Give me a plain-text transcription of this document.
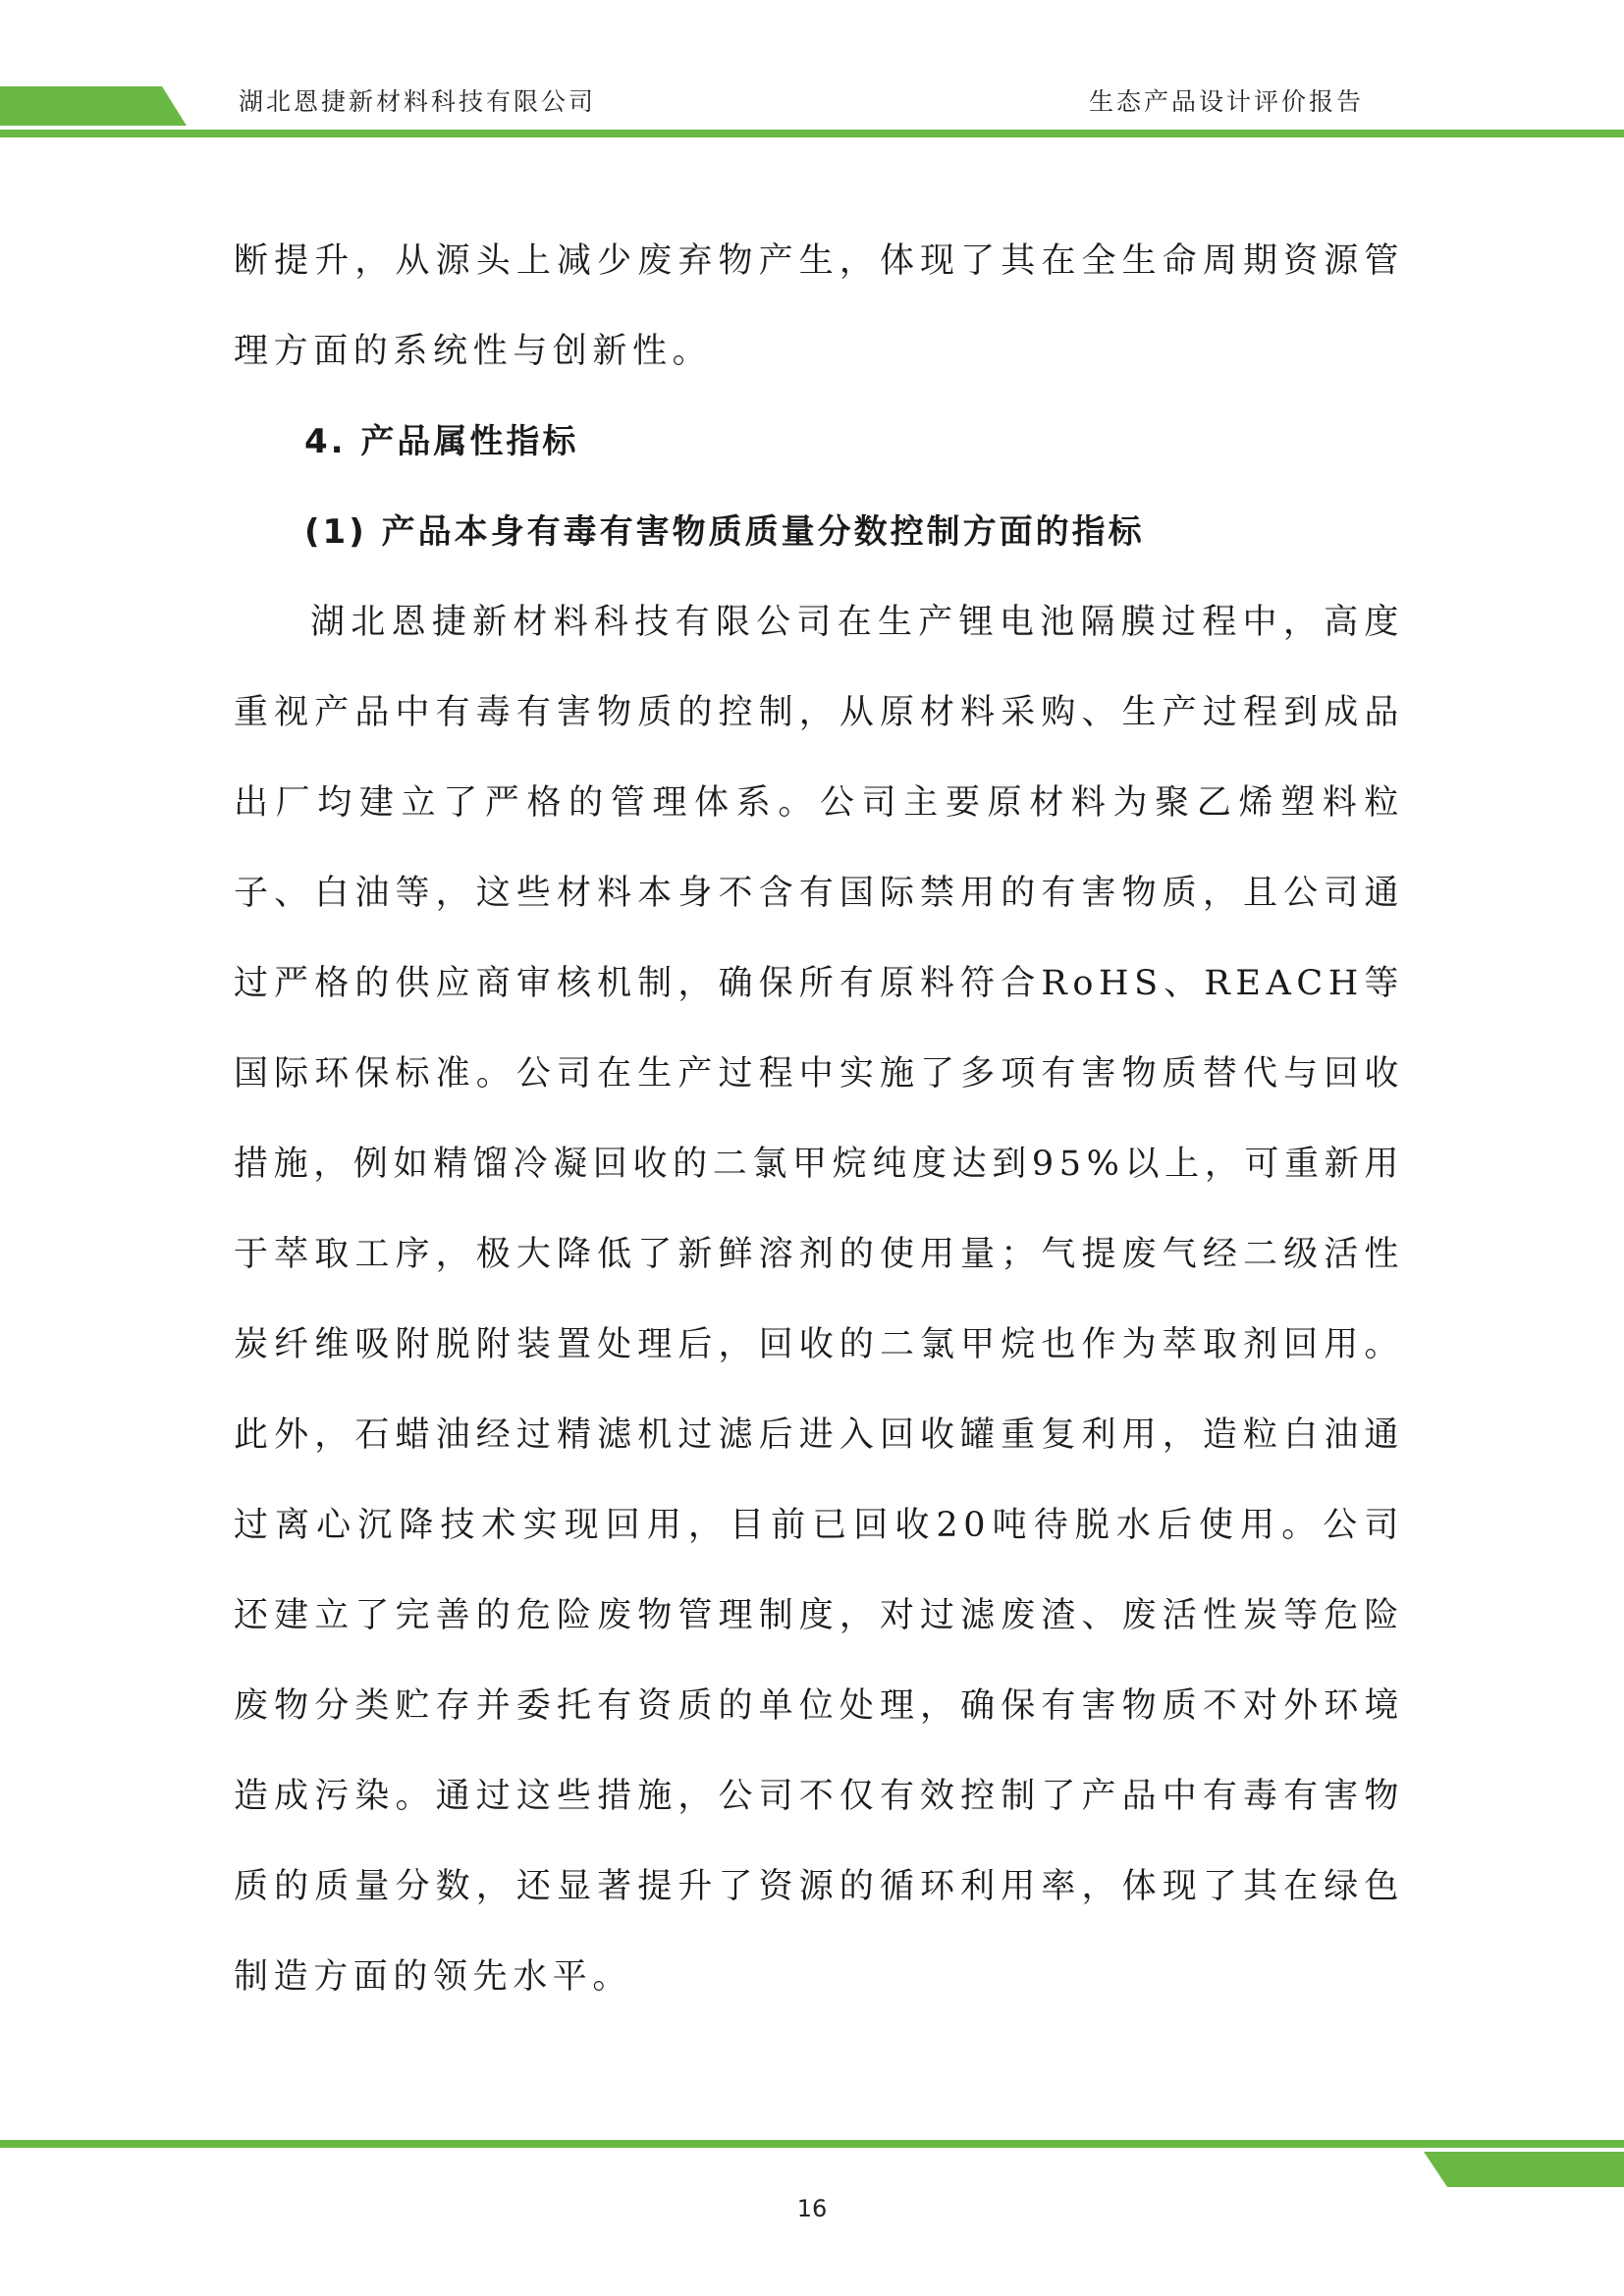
湖北恩捷新材料科技有限公司	生态产品设计评价报告

断提升，从源头上减少废弃物产生，体现了其在全生命周期资源管理方面的系统性与创新性。

4. 产品属性指标

(1) 产品本身有毒有害物质质量分数控制方面的指标

湖北恩捷新材料科技有限公司在生产锂电池隔膜过程中，高度重视产品中有毒有害物质的控制，从原材料采购、生产过程到成品出厂均建立了严格的管理体系。公司主要原材料为聚乙烯塑料粒子、白油等，这些材料本身不含有国际禁用的有害物质，且公司通过严格的供应商审核机制，确保所有原料符合RoHS、REACH等国际环保标准。公司在生产过程中实施了多项有害物质替代与回收措施，例如精馏冷凝回收的二氯甲烷纯度达到95%以上，可重新用于萃取工序，极大降低了新鲜溶剂的使用量；气提废气经二级活性炭纤维吸附脱附装置处理后，回收的二氯甲烷也作为萃取剂回用。此外，石蜡油经过精滤机过滤后进入回收罐重复利用，造粒白油通过离心沉降技术实现回用，目前已回收20吨待脱水后使用。公司还建立了完善的危险废物管理制度，对过滤废渣、废活性炭等危险废物分类贮存并委托有资质的单位处理，确保有害物质不对外环境造成污染。通过这些措施，公司不仅有效控制了产品中有毒有害物质的质量分数，还显著提升了资源的循环利用率，体现了其在绿色制造方面的领先水平。

16
